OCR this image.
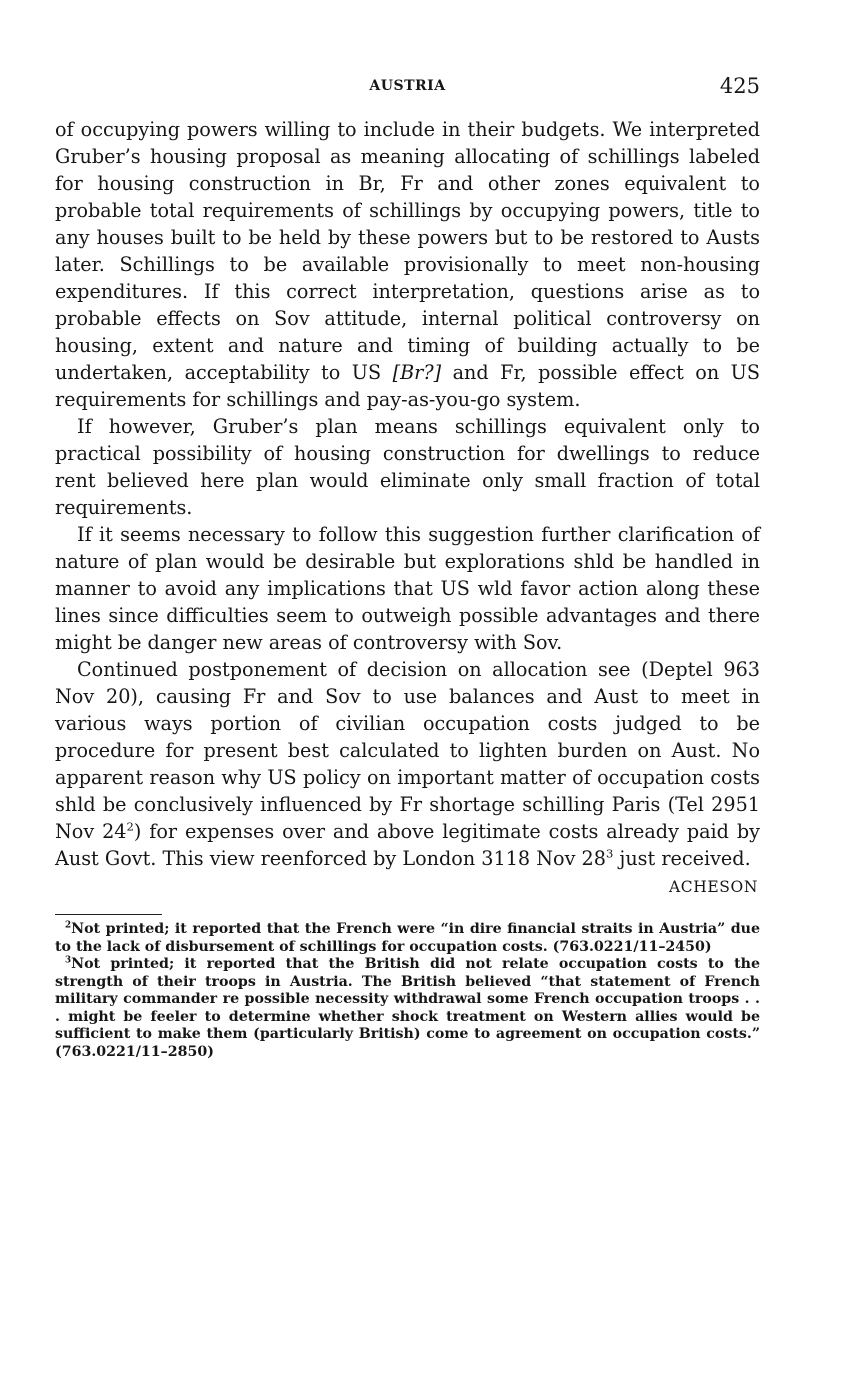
AUSTRIA	425

of occupying powers willing to include in their budgets. We interpreted Gruber’s housing proposal as meaning allocating of schillings labeled for housing construction in Br, Fr and other zones equivalent to probable total requirements of schillings by occupying powers, title to any houses built to be held by these powers but to be restored to Austs later. Schillings to be available provisionally to meet non-housing expenditures. If this correct interpretation, questions arise as to probable effects on Sov attitude, internal political controversy on housing, extent and nature and timing of building actually to be undertaken, acceptability to US [Br?] and Fr, possible effect on US requirements for schillings and pay-as-you-go system.

If however, Gruber’s plan means schillings equivalent only to practical possibility of housing construction for dwellings to reduce rent believed here plan would eliminate only small fraction of total requirements.

If it seems necessary to follow this suggestion further clarification of nature of plan would be desirable but explorations shld be handled in manner to avoid any implications that US wld favor action along these lines since difficulties seem to outweigh possible advantages and there might be danger new areas of controversy with Sov.

Continued postponement of decision on allocation see (Deptel 963 Nov 20), causing Fr and Sov to use balances and Aust to meet in various ways portion of civilian occupation costs judged to be procedure for present best calculated to lighten burden on Aust. No apparent reason why US policy on important matter of occupation costs shld be conclusively influenced by Fr shortage schilling Paris (Tel 2951 Nov $24^2$) for expenses over and above legitimate costs already paid by Aust Govt. This view reenforced by London 3118 Nov $28^3$ just received.

ACHESON

$^2$Not printed; it reported that the French were “in dire financial straits in Austria” due to the lack of disbursement of schillings for occupation costs. (763.0221/11–2450)

$^3$Not printed; it reported that the British did not relate occupation costs to the strength of their troops in Austria. The British believed “that statement of French military commander re possible necessity withdrawal some French occupation troops . . . might be feeler to determine whether shock treatment on Western allies would be sufficient to make them (particularly British) come to agreement on occupation costs.” (763.0221/11–2850)
